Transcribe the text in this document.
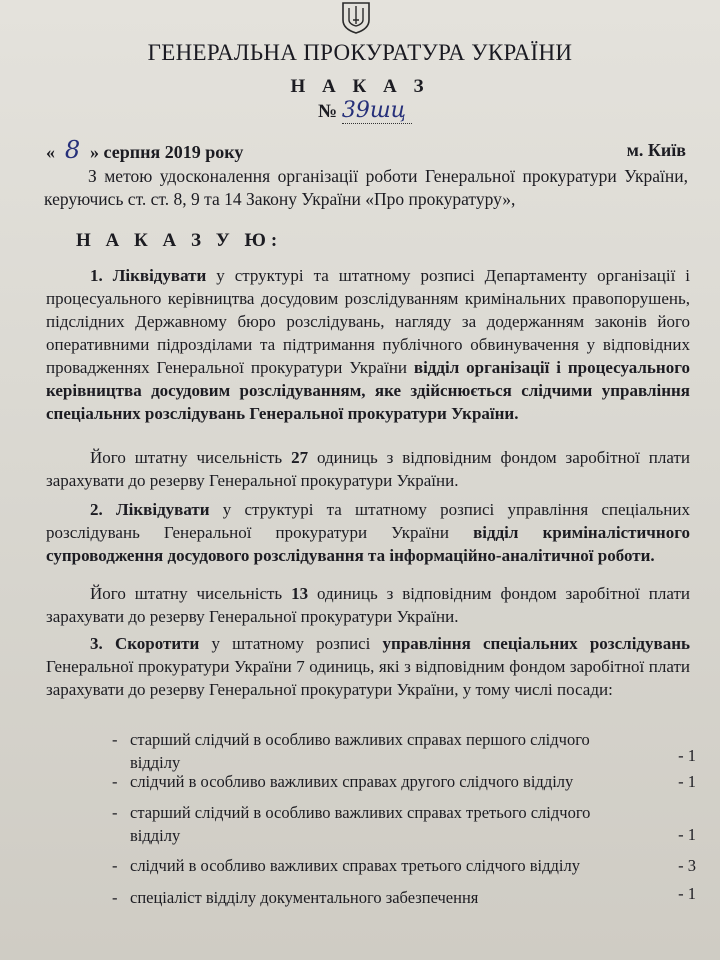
ГЕНЕРАЛЬНА ПРОКУРАТУРА УКРАЇНИ
Н А К А З
№ 39шц
« 8 » серпня 2019 року	м. Київ
З метою удосконалення організації роботи Генеральної прокуратури України, керуючись ст. ст. 8, 9 та 14 Закону України «Про прокуратуру»,
Н А К А З У Ю:
1. Ліквідувати у структурі та штатному розписі Департаменту організації і процесуального керівництва досудовим розслідуванням кримінальних правопорушень, підслідних Державному бюро розслідувань, нагляду за додержанням законів його оперативними підрозділами та підтримання публічного обвинувачення у відповідних провадженнях Генеральної прокуратури України відділ організації і процесуального керівництва досудовим розслідуванням, яке здійснюється слідчими управління спеціальних розслідувань Генеральної прокуратури України.
Його штатну чисельність 27 одиниць з відповідним фондом заробітної плати зарахувати до резерву Генеральної прокуратури України.
2. Ліквідувати у структурі та штатному розписі управління спеціальних розслідувань Генеральної прокуратури України відділ криміналістичного супроводження досудового розслідування та інформаційно-аналітичної роботи.
Його штатну чисельність 13 одиниць з відповідним фондом заробітної плати зарахувати до резерву Генеральної прокуратури України.
3. Скоротити у штатному розписі управління спеціальних розслідувань Генеральної прокуратури України 7 одиниць, які з відповідним фондом заробітної плати зарахувати до резерву Генеральної прокуратури України, у тому числі посади:
- старший слідчий в особливо важливих справах першого слідчого відділу	- 1
- слідчий в особливо важливих справах другого слідчого відділу	- 1
- старший слідчий в особливо важливих справах третього слідчого відділу	- 1
- слідчий в особливо важливих справах третього слідчого відділу	- 3
- спеціаліст відділу документального забезпечення	- 1
